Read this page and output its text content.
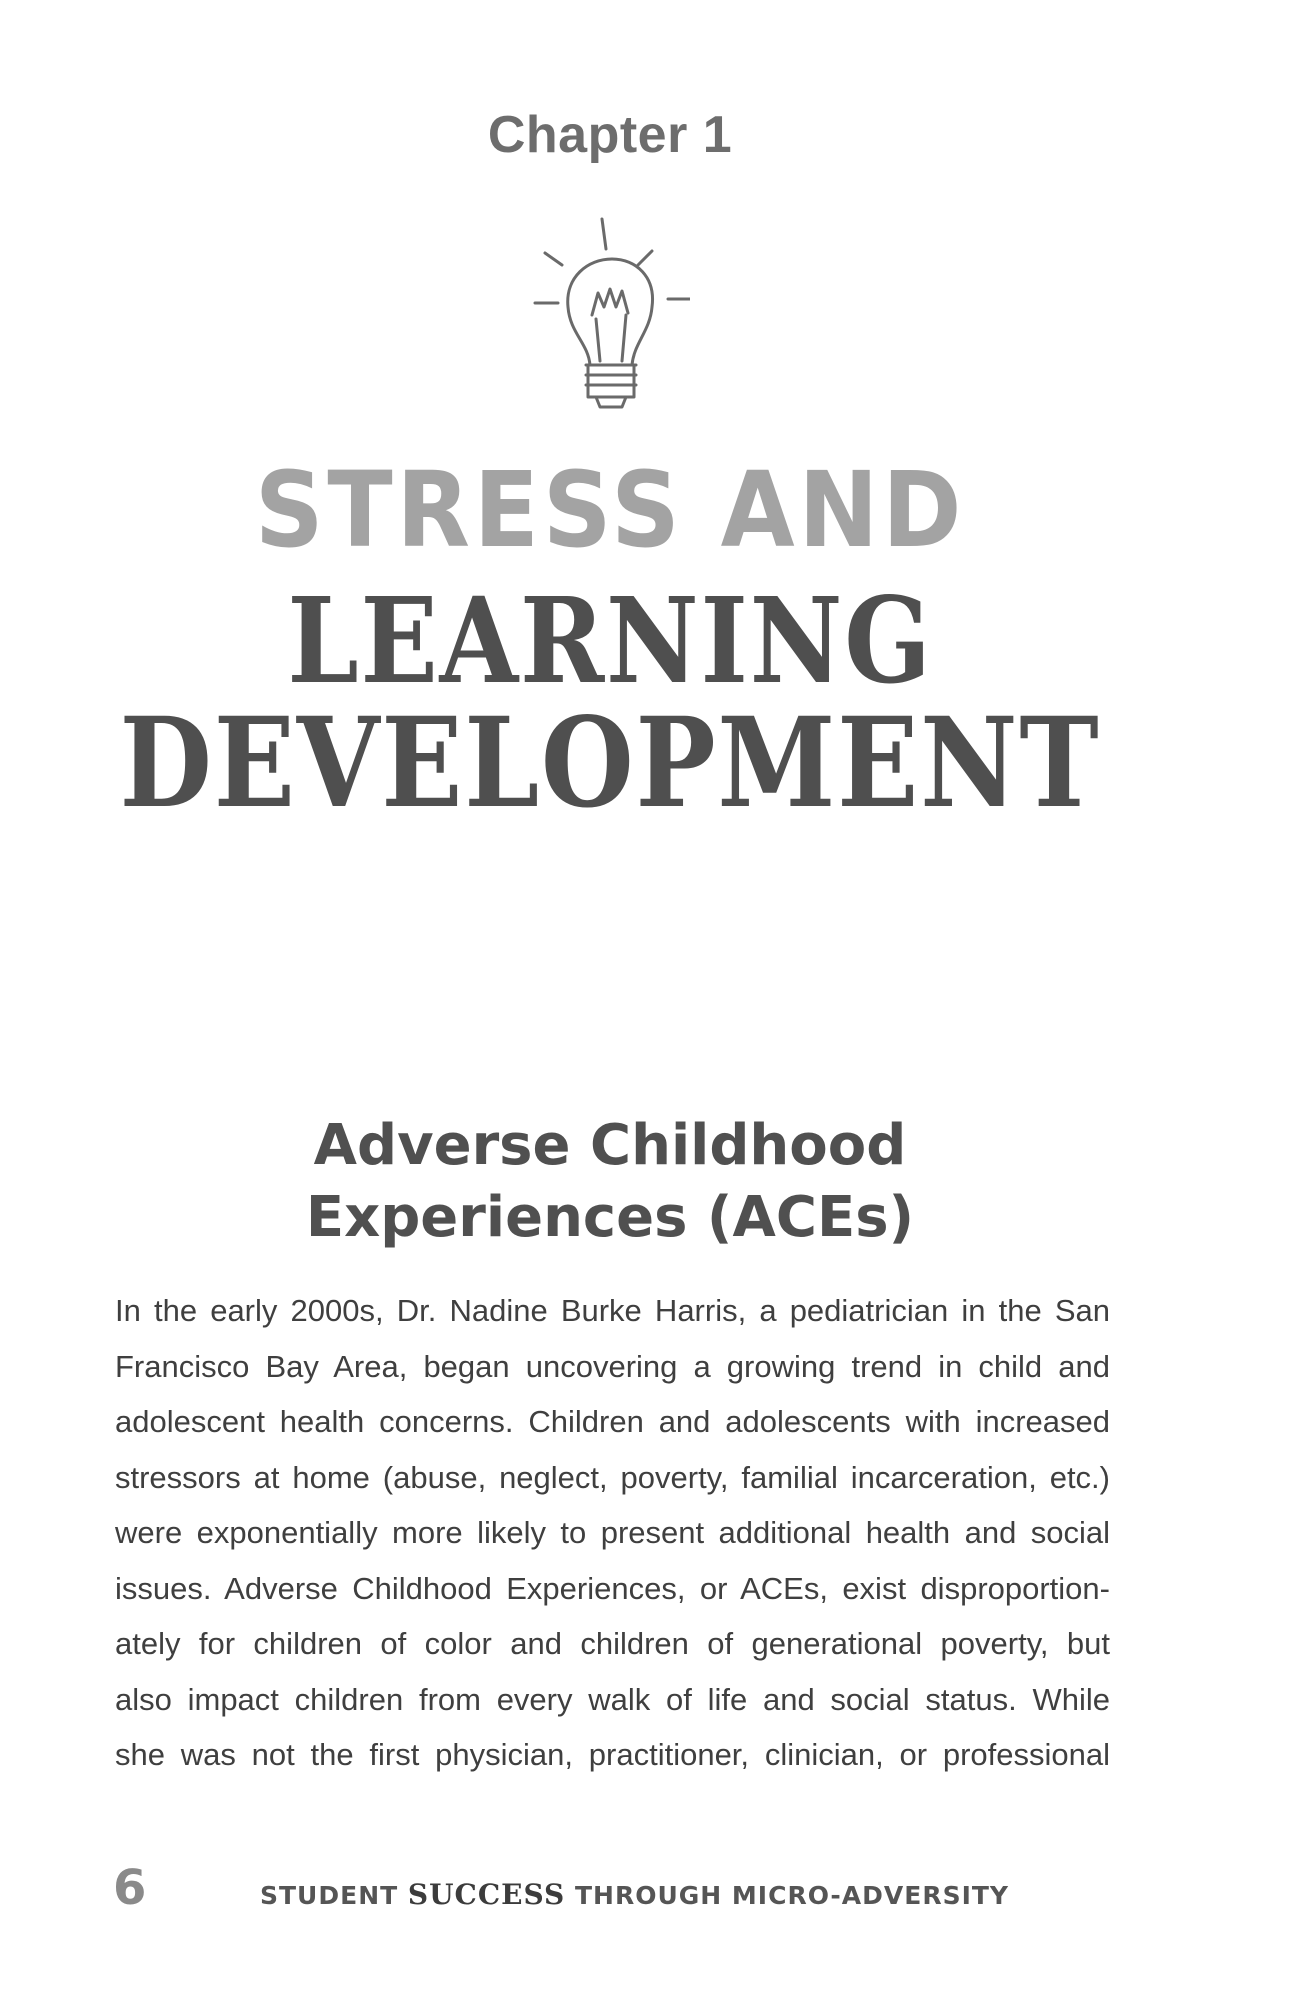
Chapter 1
STRESS AND
LEARNING
DEVELOPMENT
Adverse Childhood
Experiences (ACEs)
In the early 2000s, Dr. Nadine Burke Harris, a pediatrician in the San
Francisco Bay Area, began uncovering a growing trend in child and
adolescent health concerns. Children and adolescents with increased
stressors at home (abuse, neglect, poverty, familial incarceration, etc.)
were exponentially more likely to present additional health and social
issues. Adverse Childhood Experiences, or ACEs, exist disproportion-
ately for children of color and children of generational poverty, but
also impact children from every walk of life and social status. While
she was not the first physician, practitioner, clinician, or professional
6	STUDENT SUCCESS THROUGH MICRO-ADVERSITY
